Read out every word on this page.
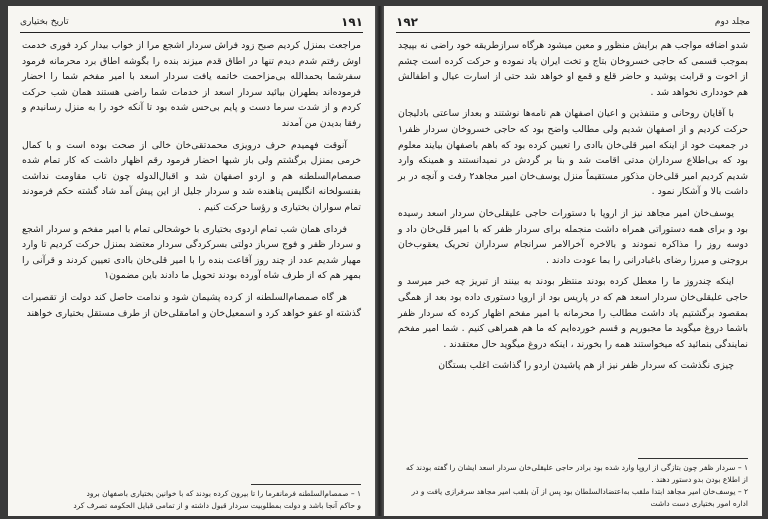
۱۹۱
تاریخ بختیاری

مراجعت بمنزل کردیم صبح زود فراش سردار اشجع مرا از خواب بیدار کرد فوری خدمت اوش رفتم شدم دیدم تنها در اطاق قدم میزند بنده را بگوشه اطاق برد محرمانه فرمود سفرشما بحمدالله بی‌مزاحمت خاتمه یافت سردار اسعد با امیر مفخم شما را احضار فرموده‌اند بطهران بیائید سردار اسعد از خدمات شما راضی هستند همان شب حرکت کردم و از شدت سرما دست و پایم بی‌حس شده بود تا آنکه خود را به منزل رسانیدم و رفقا بدیدن من آمدند

آنوقت فهمیدم حرف درویزی محمدتقی‌خان خالی از صحت بوده است و با کمال خرمی بمنزل برگشتم ولی باز شبها احضار فرمود رقم اظهار داشت که کار تمام شده صمصام‌السلطنه هم و اردو اصفهان شد و اقبال‌الدوله چون تاب مقاومت نداشت بقنسولخانه انگلیس پناهنده شد و سردار جلیل از این پیش آمد شاد گشته حکم فرمودند تمام سواران بختیاری و رؤسا حرکت کنیم .

فردای همان شب تمام اردوی بختیاری با خوشحالی تمام با امیر مفخم و سردار اشجع و سردار ظفر و فوج سرباز دولتی بسرکردگی سردار معتضد بمنزل حرکت کردیم تا وارد مهیار شدیم عدد از چند روز آقاعت بنده را با امیر قلی‌خان باادی تعیین کردند و قرآنی را بمهر هم که از طرف شاه آورده بودند تحویل ما دادند باین مضمون۱

هر گاه صمصام‌السلطنه از کرده پشیمان شود و ندامت حاصل کند دولت از تقصیرات گذشته او عفو خواهد کرد و اسمعیل‌خان و امامقلی‌خان از طرف مستقل بختیاری خواهند

۱ – صمصام‌السلطنه فرمانفرما را تا بیرون کرده بودند که با خوانین بختیاری باصفهان برود
و حاکم آنجا باشد و دولت بمطلوبیت سردار قبول داشته و از تمامی قبایل الحکومه تصرف کرد
مجلد دوم
۱۹۲

شدو اضافه مواجب هم برایش منظور و معین میشود هرگاه سرازطریقه خود راضی نه بپیچد بموجب قسمی که حاجی خسروخان بتاج و تخت ایران یاد نموده و حرکت کرده است چشم از اخوت و قرابت پوشید و حاضر قلع و قمع او خواهد شد حتی از اسارت عیال و اطفالش هم خودداری نخواهد شد .

با آقایان روحانی و متنفذین و اعیان اصفهان هم نامه‌ها نوشتند و بعداز ساعتی بادلیجان حرکت کردیم و از اصفهان شدیم ولی مطالب واضح بود که حاجی خسروخان سردار ظفر۱ در جمعیت خود از اینکه امیر قلی‌خان باادی را تعیین کرده بود که باهم باصفهان بیایند معلوم بود که بی‌اطلاع سرداران مدتی اقامت شد و بنا بر گردش در نمیدانستند و همینکه وارد شدیم کردیم امیر قلی‌خان مذکور مستقیماً منزل یوسف‌خان امیر مجاهد۲ رفت و آنچه در بر داشت بالا و آشکار نمود .

یوسف‌خان امیر مجاهد نیز از اروپا با دستورات حاجی علیقلی‌خان سردار اسعد رسیده بود و برای همه دستوراتی همراه داشت منجمله برای سردار ظفر که با امیر قلی‌خان داد و دوسه روز را مذاکره نمودند و بالاخره آخرالامر سرانجام سرداران تحریک یعقوب‌خان بروجنی و میرزا رضای باغبادرانی را بما عودت دادند .

اینکه چندروز ما را معطل کرده بودند منتظر بودند به بینند از تبریز چه خبر میرسد و حاجی علیقلی‌خان سردار اسعد هم که در پاریس بود از اروپا دستوری داده بود بعد از همگی بمقصود برگشتیم یاد داشت مطالب را محرمانه با امیر مفخم اظهار کرده که سردار ظفر باشما دروغ میگوید ما مجبوریم و قسم خورده‌ایم که ما هم همراهی کنیم . شما امیر مفخم نمایندگی بنمائید که میخواستند همه را بخورند ، اینکه دروغ میگوید حال معتقدند .

چیزی نگذشت که سردار ظفر نیز از هم پاشیدن اردو را گذاشت اغلب بستگان

۱ – سردار ظفر چون بتازگی از اروپا وارد شده بود برادر حاجی علیقلی‌خان سردار اسعد ایشان را گفته بودند که از اطلاع بودن بدو دستور دهند .
۲ – یوسف‌خان امیر مجاهد ابتدا ملقب به‌اعتضاد‌السلطان بود پس از آن بلقب امیر مجاهد سرفرازی یافت و در اداره امور بختیاری دست داشت
